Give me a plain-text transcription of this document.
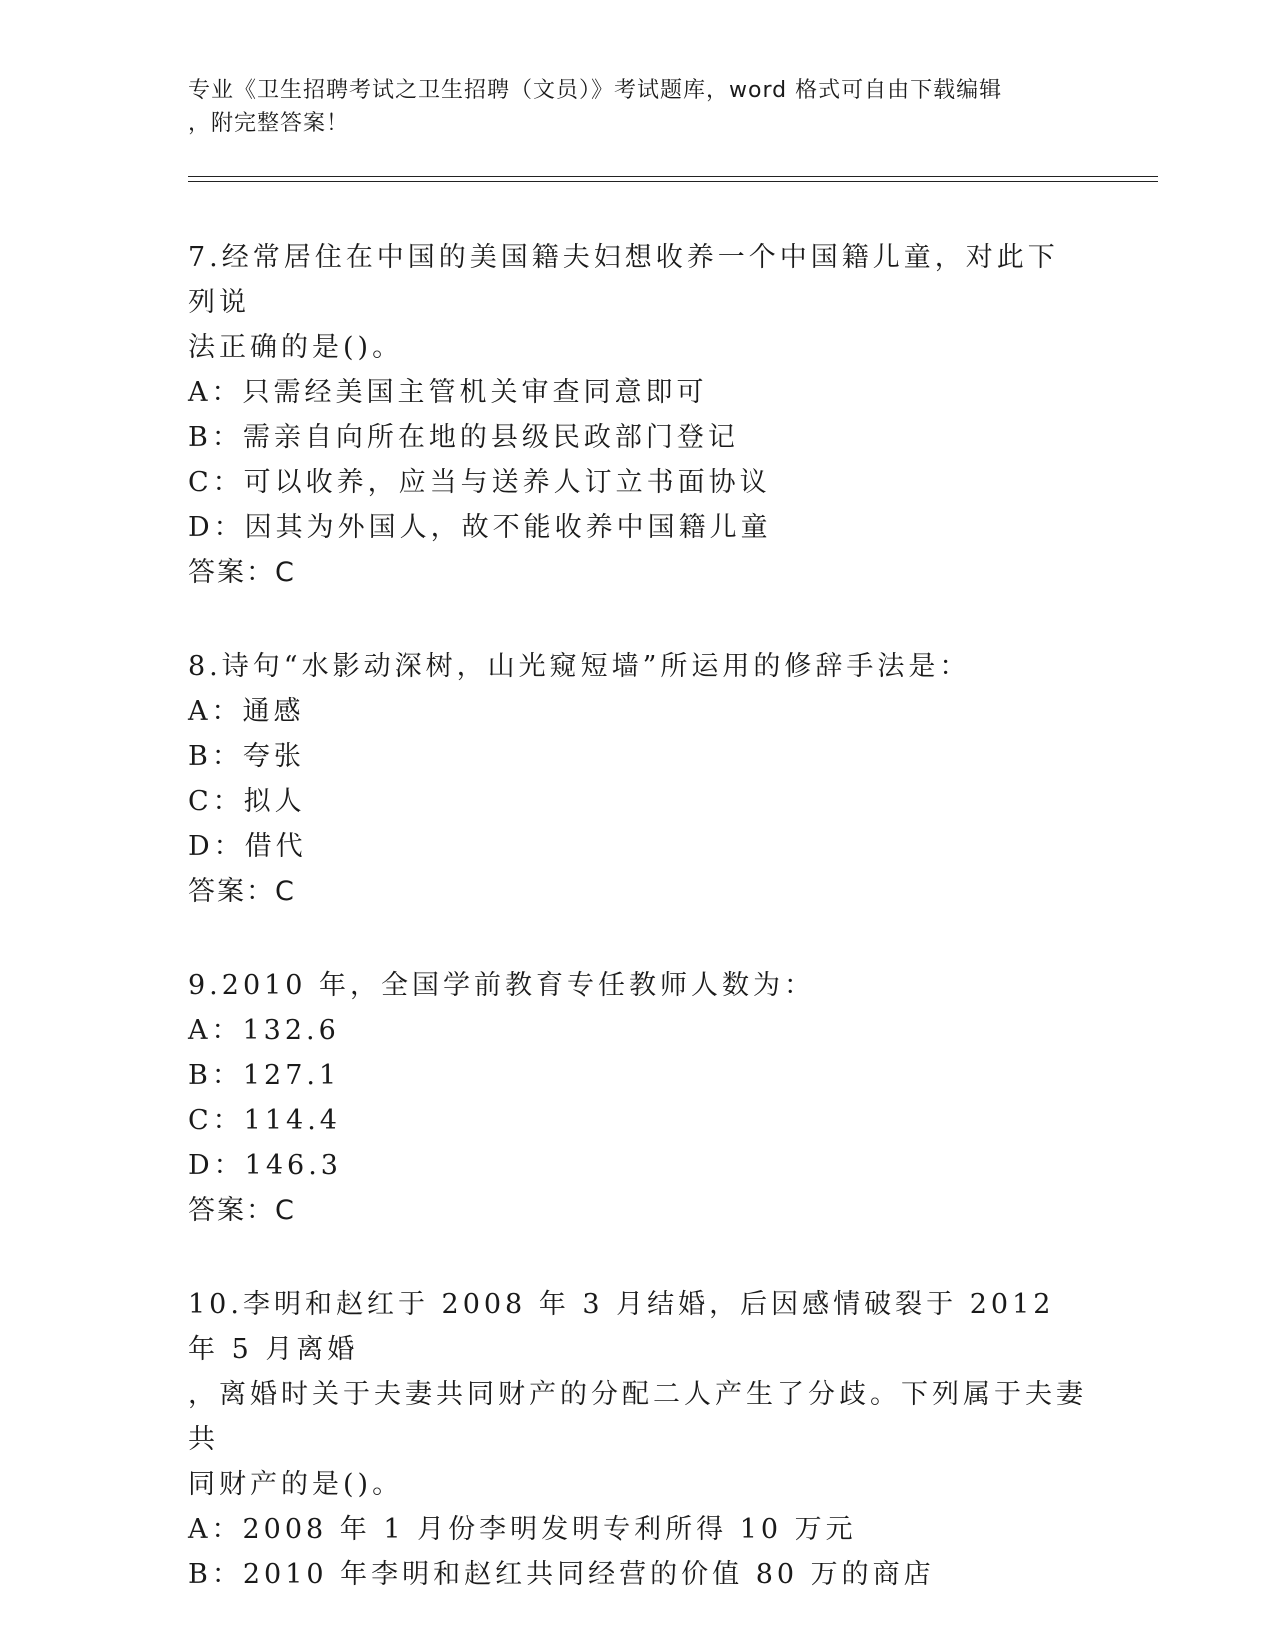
专业《卫生招聘考试之卫生招聘（文员）》考试题库，word 格式可自由下载编辑
，附完整答案！

7.经常居住在中国的美国籍夫妇想收养一个中国籍儿童，对此下列说

法正确的是()。

A：只需经美国主管机关审查同意即可

B：需亲自向所在地的县级民政部门登记

C：可以收养，应当与送养人订立书面协议

D：因其为外国人，故不能收养中国籍儿童

答案：C

8.诗句“水影动深树，山光窥短墙”所运用的修辞手法是：

A：通感

B：夸张

C：拟人

D：借代

答案：C

9.2010 年，全国学前教育专任教师人数为：

A：132.6

B：127.1

C：114.4

D：146.3

答案：C

10.李明和赵红于 2008 年 3 月结婚，后因感情破裂于 2012 年 5 月离婚

，离婚时关于夫妻共同财产的分配二人产生了分歧。下列属于夫妻共

同财产的是()。

A：2008 年 1 月份李明发明专利所得 10 万元

B：2010 年李明和赵红共同经营的价值 80 万的商店
